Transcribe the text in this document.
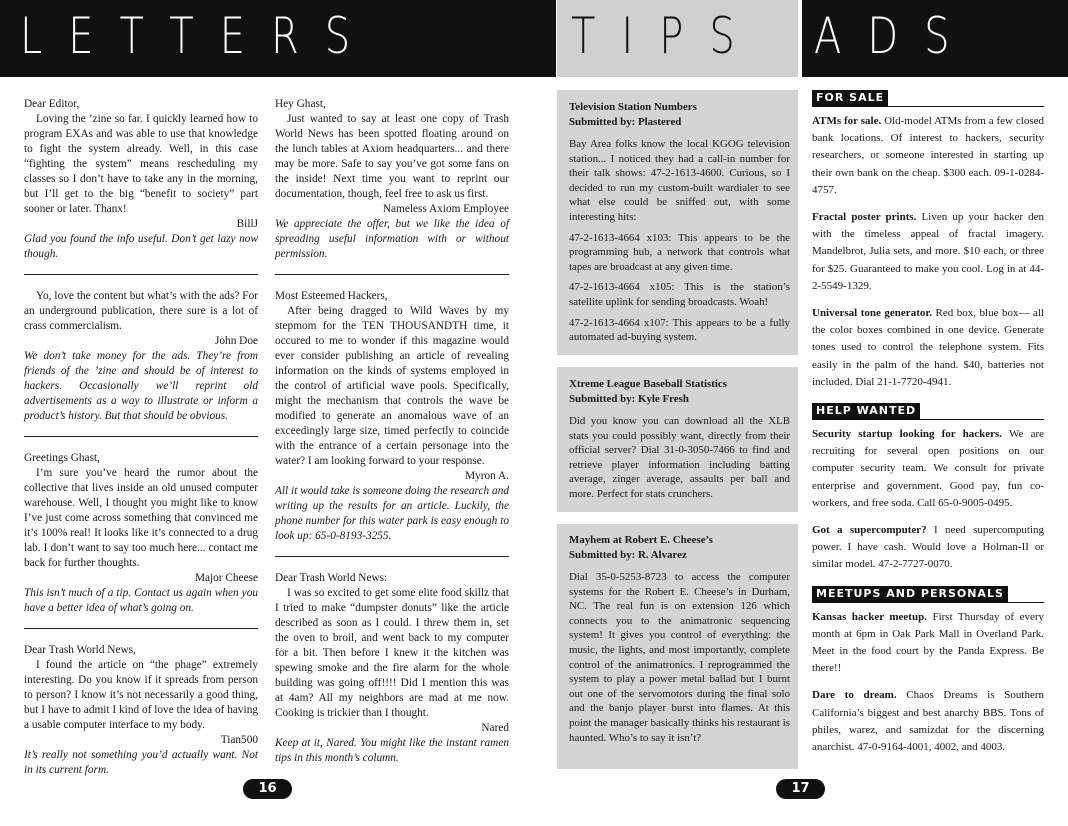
LETTERS	TIPS ADS

Dear Editor,

Loving the ’zine so far. I quickly learned how to program EXAs and was able to use that knowledge to fight the system already. Well, in this case “fighting the system” means rescheduling my classes so I don’t have to take any in the morning, but I’ll get to the big “benefit to society” part sooner or later. Thanx!

BillJ

Glad you found the info useful. Don’t get lazy now though.

Yo, love the content but what’s with the ads? For an underground publication, there sure is a lot of crass commercialism.

John Doe

We don’t take money for the ads. They’re from friends of the ’zine and should be of interest to hackers. Occasionally we’ll reprint old advertisements as a way to illustrate or inform a product’s history. But that should be obvious.

Greetings Ghast,

I’m sure you’ve heard the rumor about the collective that lives inside an old unused computer warehouse. Well, I thought you might like to know I’ve just come across something that convinced me it’s 100% real! It looks like it’s connected to a drug lab. I don’t want to say too much here... contact me back for further thoughts.

Major Cheese

This isn’t much of a tip. Contact us again when you have a better idea of what’s going on.

Dear Trash World News,

I found the article on “the phage” extremely interesting. Do you know if it spreads from person to person? I know it’s not necessarily a good thing, but I have to admit I kind of love the idea of having a usable computer interface to my body.

Tian500

It’s really not something you’d actually want. Not in its current form.

Hey Ghast,

Just wanted to say at least one copy of Trash World News has been spotted floating around on the lunch tables at Axiom headquarters... and there may be more. Safe to say you’ve got some fans on the inside! Next time you want to reprint our documentation, though, feel free to ask us first.

Nameless Axiom Employee

We appreciate the offer, but we like the idea of spreading useful information with or without permission.

Most Esteemed Hackers,

After being dragged to Wild Waves by my stepmom for the TEN THOUSANDTH time, it occured to me to wonder if this magazine would ever consider publishing an article of revealing information on the kinds of systems employed in the control of artificial wave pools. Specifically, might the mechanism that controls the wave be modified to generate an anomalous wave of an exceedingly large size, timed perfectly to coincide with the entrance of a certain personage into the water? I am looking forward to your response.

Myron A.

All it would take is someone doing the research and writing up the results for an article. Luckily, the phone number for this water park is easy enough to look up: 65-0-8193-3255.

Dear Trash World News:

I was so excited to get some elite food skillz that I tried to make “dumpster donuts” like the article described as soon as I could. I threw them in, set the oven to broil, and went back to my computer for a bit. Then before I knew it the kitchen was spewing smoke and the fire alarm for the whole building was going off!!!! Did I mention this was at 4am? All my neighbors are mad at me now. Cooking is trickier than I thought.

Nared

Keep at it, Nared. You might like the instant ramen tips in this month’s column.

Television Station Numbers
Submitted by: Plastered

Bay Area folks know the local KGOG television station... I noticed they had a call-in number for their talk shows: 47-2-1613-4600. Curious, so I decided to run my custom-built wardialer to see what else could be sniffed out, with some interesting hits:

47-2-1613-4664 x103: This appears to be the programming hub, a network that controls what tapes are broadcast at any given time.

47-2-1613-4664 x105: This is the station’s satellite uplink for sending broadcasts. Woah!

47-2-1613-4664 x107: This appears to be a fully automated ad-buying system.

Xtreme League Baseball Statistics
Submitted by: Kyle Fresh

Did you know you can download all the XLB stats you could possibly want, directly from their official server? Dial 31-0-3050-7466 to find and retrieve player information including batting average, zinger average, assaults per ball and more. Perfect for stats crunchers.

Mayhem at Robert E. Cheese’s
Submitted by: R. Alvarez

Dial 35-0-5253-8723 to access the computer systems for the Robert E. Cheese’s in Durham, NC. The real fun is on extension 126 which connects you to the animatronic sequencing system! It gives you control of everything: the music, the lights, and most importantly, complete control of the animatronics. I reprogrammed the system to play a power metal ballad but I burnt out one of the servomotors during the final solo and the banjo player burst into flames. At this point the manager basically thinks his restaurant is haunted. Who’s to say it isn’t?

FOR SALE

ATMs for sale. Old-model ATMs from a few closed bank locations. Of interest to hackers, security researchers, or someone interested in starting up their own bank on the cheap. $300 each. 09-1-0284-4757.

Fractal poster prints. Liven up your hacker den with the timeless appeal of fractal imagery. Mandelbrot, Julia sets, and more. $10 each, or three for $25. Guaranteed to make you cool. Log in at 44-2-5549-1329.

Universal tone generator. Red box, blue box— all the color boxes combined in one device. Generate tones used to control the telephone system. Fits easily in the palm of the hand. $40, batteries not included. Dial 21-1-7720-4941.

HELP WANTED

Security startup looking for hackers. We are recruiting for several open positions on our computer security team. We consult for private enterprise and government. Good pay, fun co-workers, and free soda. Call 65-0-9005-0495.

Got a supercomputer? I need supercomputing power. I have cash. Would love a Holman-II or similar model. 47-2-7727-0070.

MEETUPS AND PERSONALS

Kansas hacker meetup. First Thursday of every month at 6pm in Oak Park Mall in Overland Park. Meet in the food court by the Panda Express. Be there!!

Dare to dream. Chaos Dreams is Southern California’s biggest and best anarchy BBS. Tons of philes, warez, and samizdat for the discerning anarchist. 47-0-9164-4001, 4002, and 4003.

16	17
